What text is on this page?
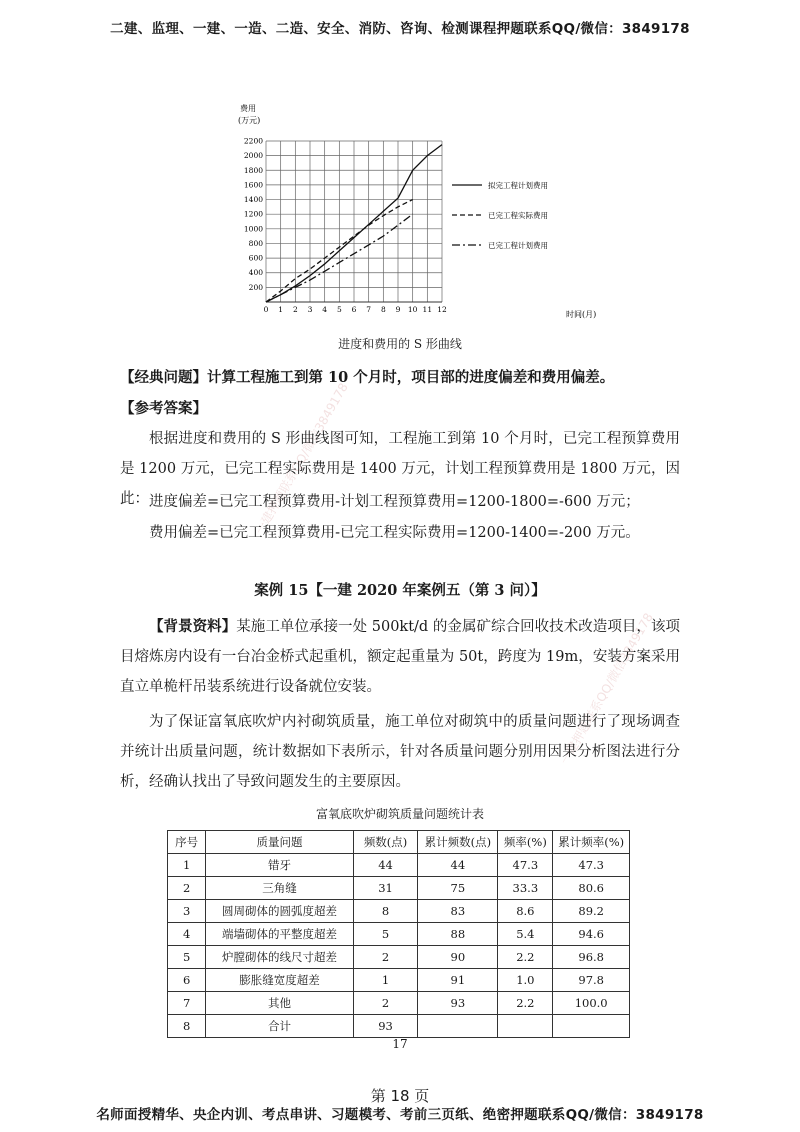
二建、监理、一建、一造、二造、安全、消防、咨询、检测课程押题联系QQ/微信：3849178
一建押题联系QQ/微信3849178
一建押题联系QQ/微信3849178
0 1 2 3 4 5 6 7 8 9 10 11 12
200
400
600
800
1000
1200
1400
1600
1800
2000
2200
拟完工程计划费用
已完工程实际费用
已完工程计划费用
费用
(万元)
时间(月)
进度和费用的 S 形曲线
【经典问题】计算工程施工到第 10 个月时，项目部的进度偏差和费用偏差。
【参考答案】
根据进度和费用的 S 形曲线图可知，工程施工到第 10 个月时，已完工程预算费用是 1200 万元，已完工程实际费用是 1400 万元，计划工程预算费用是 1800 万元，因此： 进度偏差=已完工程预算费用-计划工程预算费用=1200-1800=-600 万元；
费用偏差=已完工程预算费用-已完工程实际费用=1200-1400=-200 万元。
案例 15【一建 2020 年案例五（第 3 问）】
【背景资料】某施工单位承接一处 500kt/d 的金属矿综合回收技术改造项目，该项目熔炼房内设有一台冶金桥式起重机，额定起重量为 50t，跨度为 19m，安装方案采用直立单桅杆吊装系统进行设备就位安装。
为了保证富氧底吹炉内衬砌筑质量，施工单位对砌筑中的质量问题进行了现场调查并统计出质量问题，统计数据如下表所示，针对各质量问题分别用因果分析图法进行分析，经确认找出了导致问题发生的主要原因。
富氧底吹炉砌筑质量问题统计表
序号	质量问题	频数(点)	累计频数(点)	频率(%)	累计频率(%)
1	错牙	44	44	47.3	47.3
2	三角缝	31	75	33.3	80.6
3	圆周砌体的圆弧度超差	8	83	8.6	89.2
4	端墙砌体的平整度超差	5	88	5.4	94.6
5	炉膛砌体的线尺寸超差	2	90	2.2	96.8
6	膨胀缝宽度超差	1	91	1.0	97.8
7	其他	2	93	2.2	100.0
8	合计	93			
17
第 18 页
名师面授精华、央企内训、考点串讲、习题模考、考前三页纸、绝密押题联系QQ/微信：3849178
